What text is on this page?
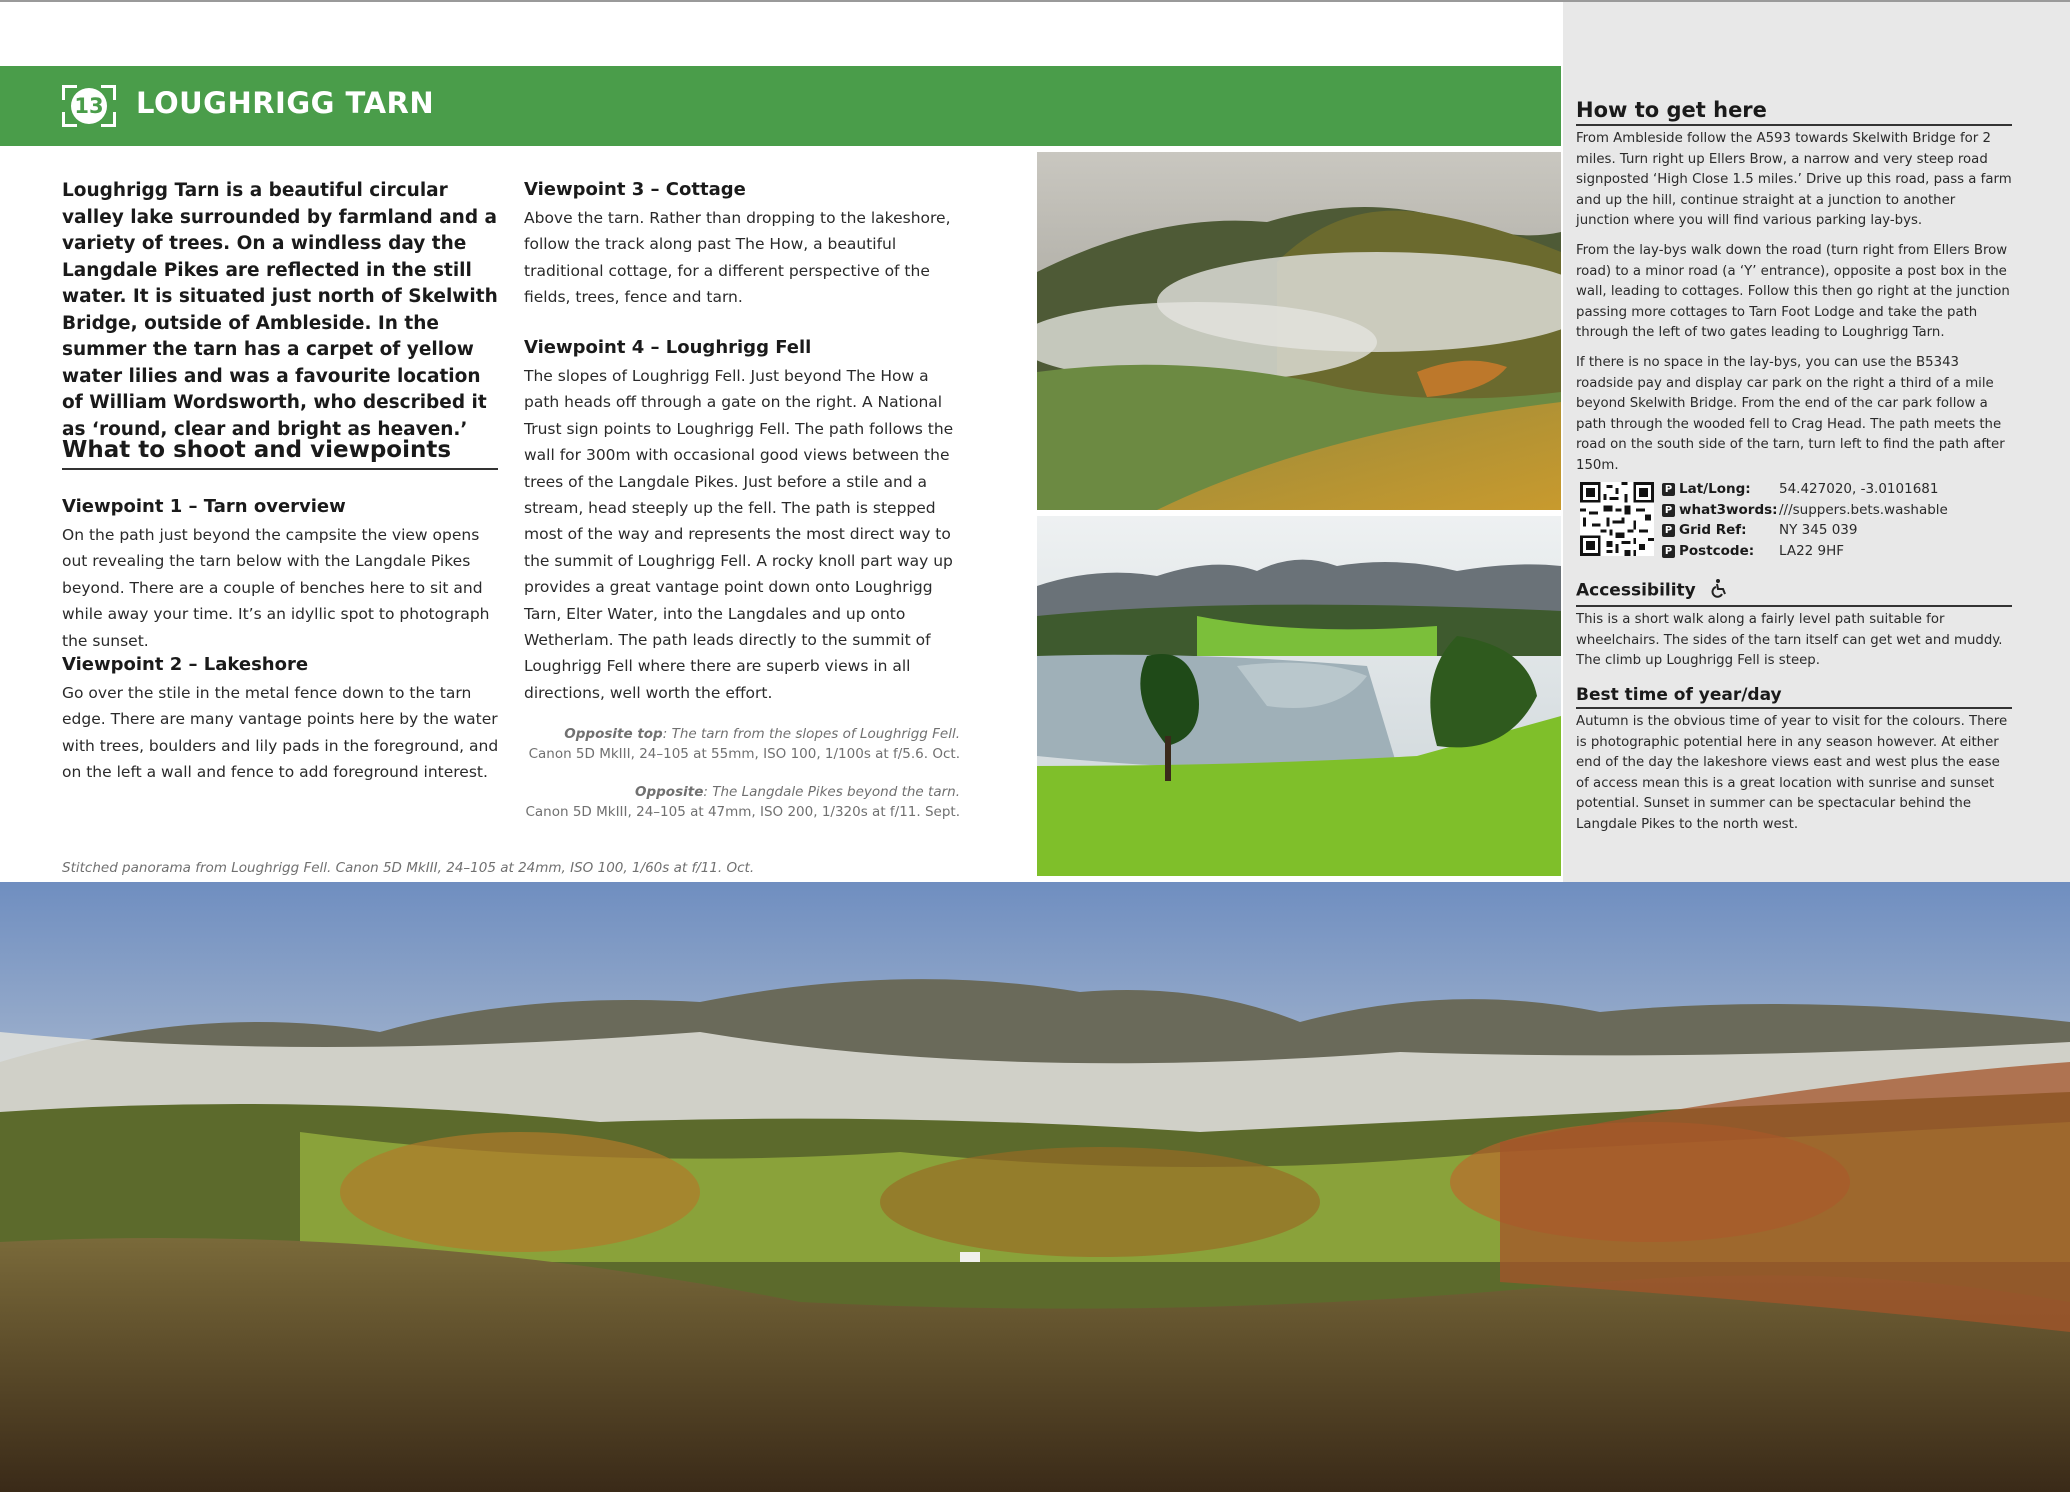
13 LOUGHRIGG TARN

Loughrigg Tarn is a beautiful circular valley lake surrounded by farmland and a variety of trees. On a windless day the Langdale Pikes are reflected in the still water. It is situated just north of Skelwith Bridge, outside of Ambleside. In the summer the tarn has a carpet of yellow water lilies and was a favourite location of William Wordsworth, who described it as ‘round, clear and bright as heaven.’

What to shoot and viewpoints
Viewpoint 1 – Tarn overview

On the path just beyond the campsite the view opens out revealing the tarn below with the Langdale Pikes beyond. There are a couple of benches here to sit and while away your time. It’s an idyllic spot to photograph the sunset.

Viewpoint 2 – Lakeshore

Go over the stile in the metal fence down to the tarn edge. There are many vantage points here by the water with trees, boulders and lily pads in the foreground, and on the left a wall and fence to add foreground interest.

Viewpoint 3 – Cottage

Above the tarn. Rather than dropping to the lakeshore, follow the track along past The How, a beautiful traditional cottage, for a different perspective of the fields, trees, fence and tarn.

Viewpoint 4 – Loughrigg Fell

The slopes of Loughrigg Fell. Just beyond The How a path heads off through a gate on the right. A National Trust sign points to Loughrigg Fell. The path follows the wall for 300m with occasional good views between the trees of the Langdale Pikes. Just before a stile and a stream, head steeply up the fell. The path is stepped most of the way and represents the most direct way to the summit of Loughrigg Fell. A rocky knoll part way up provides a great vantage point down onto Loughrigg Tarn, Elter Water, into the Langdales and up onto Wetherlam. The path leads directly to the summit of Loughrigg Fell where there are superb views in all directions, well worth the effort.

Opposite top: The tarn from the slopes of Loughrigg Fell.
Canon 5D MkIII, 24–105 at 55mm, ISO 100, 1/100s at f/5.6. Oct.

Opposite: The Langdale Pikes beyond the tarn.
Canon 5D MkIII, 24–105 at 47mm, ISO 200, 1/320s at f/11. Sept.

Stitched panorama from Loughrigg Fell. Canon 5D MkIII, 24–105 at 24mm, ISO 100, 1/60s at f/11. Oct.
How to get here

From Ambleside follow the A593 towards Skelwith Bridge for 2 miles. Turn right up Ellers Brow, a narrow and very steep road signposted ‘High Close 1.5 miles.’ Drive up this road, pass a farm and up the hill, continue straight at a junction to another junction where you will find various parking lay-bys.

From the lay-bys walk down the road (turn right from Ellers Brow road) to a minor road (a ‘Y’ entrance), opposite a post box in the wall, leading to cottages. Follow this then go right at the junction passing more cottages to Tarn Foot Lodge and take the path through the left of two gates leading to Loughrigg Tarn.

If there is no space in the lay-bys, you can use the B5343 roadside pay and display car park on the right a third of a mile beyond Skelwith Bridge. From the end of the car park follow a path through the wooded fell to Crag Head. The path meets the road on the south side of the tarn, turn left to find the path after 150m.

P Lat/Long:	54.427020, -3.0101681
P what3words: ///suppers.bets.washable
P Grid Ref:	NY 345 039
P Postcode:	LA22 9HF
Accessibility

This is a short walk along a fairly level path suitable for wheelchairs. The sides of the tarn itself can get wet and muddy. The climb up Loughrigg Fell is steep.

Best time of year/day

Autumn is the obvious time of year to visit for the colours. There is photographic potential here in any season however. At either end of the day the lakeshore views east and west plus the ease of access mean this is a great location with sunrise and sunset potential. Sunset in summer can be spectacular behind the Langdale Pikes to the north west.
